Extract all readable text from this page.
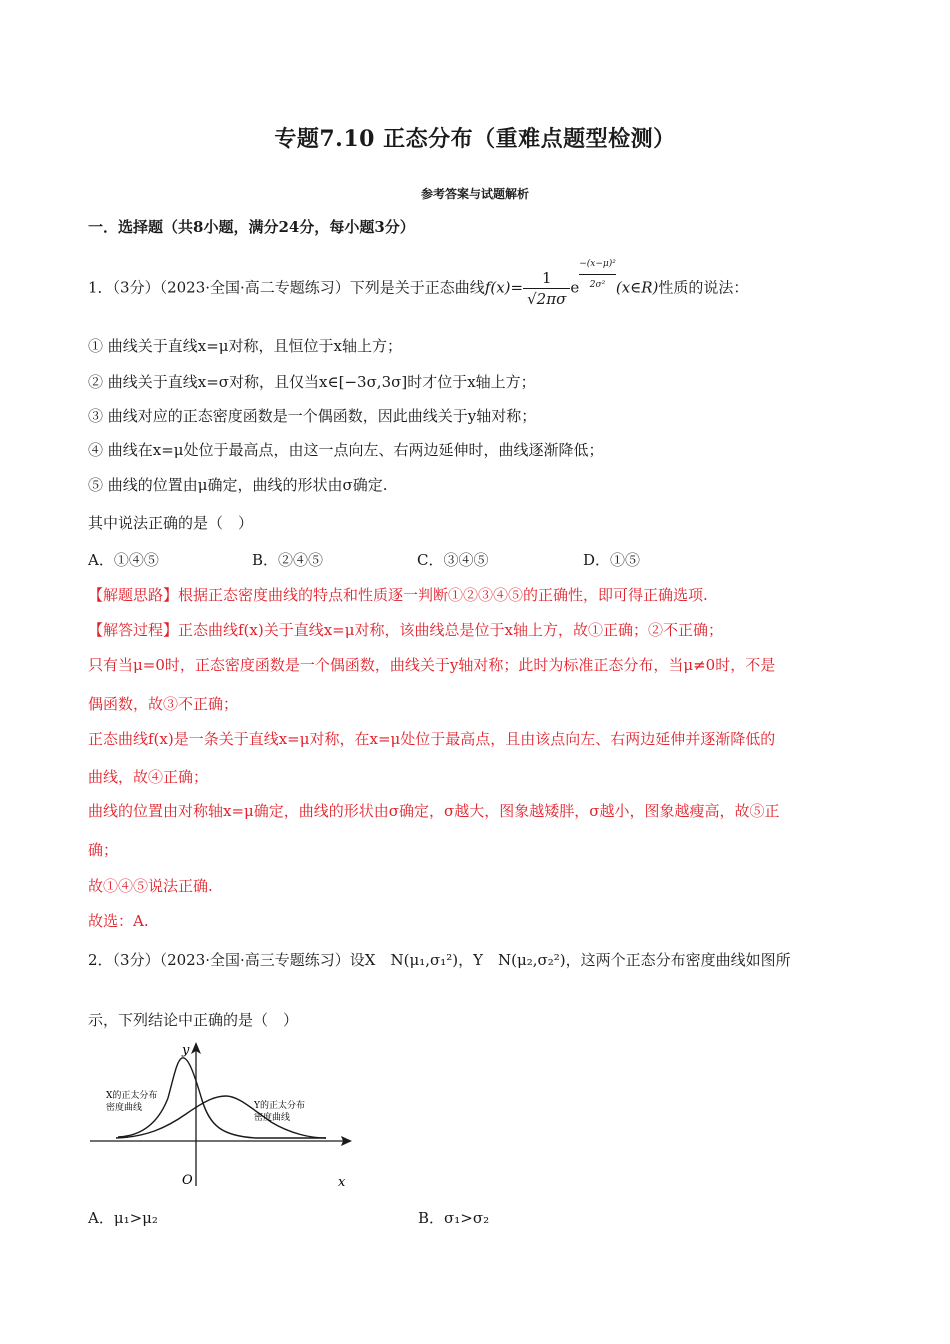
专题7.10 正态分布（重难点题型检测）
参考答案与试题解析
一．选择题（共8小题，满分24分，每小题3分）
1．（3分）（2023·全国·高二专题练习）下列是关于正态曲线$f(x)= \frac{1}{√2\pi\sigma}$ e $\frac{\text{−(x−μ)²}}{\text{2σ²}}(x\in R)$性质的说法：
① 曲线关于直线x=μ对称，且恒位于x轴上方；
② 曲线关于直线x=σ对称，且仅当x∈[−3σ,3σ]时才位于x轴上方；
③ 曲线对应的正态密度函数是一个偶函数，因此曲线关于y轴对称；
④ 曲线在x=μ处位于最高点，由这一点向左、右两边延伸时，曲线逐渐降低；
⑤ 曲线的位置由μ确定，曲线的形状由σ确定.
其中说法正确的是（　）
A．①④⑤	B．②④⑤	C．③④⑤	D．①⑤
【解题思路】根据正态密度曲线的特点和性质逐一判断①②③④⑤的正确性，即可得正确选项.
【解答过程】正态曲线f(x)关于直线x=μ对称，该曲线总是位于x轴上方，故①正确；②不正确；
只有当μ=0时，正态密度函数是一个偶函数，曲线关于y轴对称；此时为标准正态分布，当μ≠0时，不是
偶函数，故③不正确；
正态曲线f(x)是一条关于直线x=μ对称，在x=μ处位于最高点，且由该点向左、右两边延伸并逐渐降低的
曲线，故④正确；
曲线的位置由对称轴x=μ确定，曲线的形状由σ确定，σ越大，图象越矮胖，σ越小，图象越瘦高，故⑤正
确；
故①④⑤说法正确.
故选：A.
2．（3分）（2023·全国·高三专题练习）设X　N(μ₁,σ₁²)，Y　N(μ₂,σ₂²)，这两个正态分布密度曲线如图所
示，下列结论中正确的是（　）
y
x
O
X的正太分布
密度曲线	Y的正太分布
密度曲线
A．μ₁>μ₂	B．σ₁>σ₂
